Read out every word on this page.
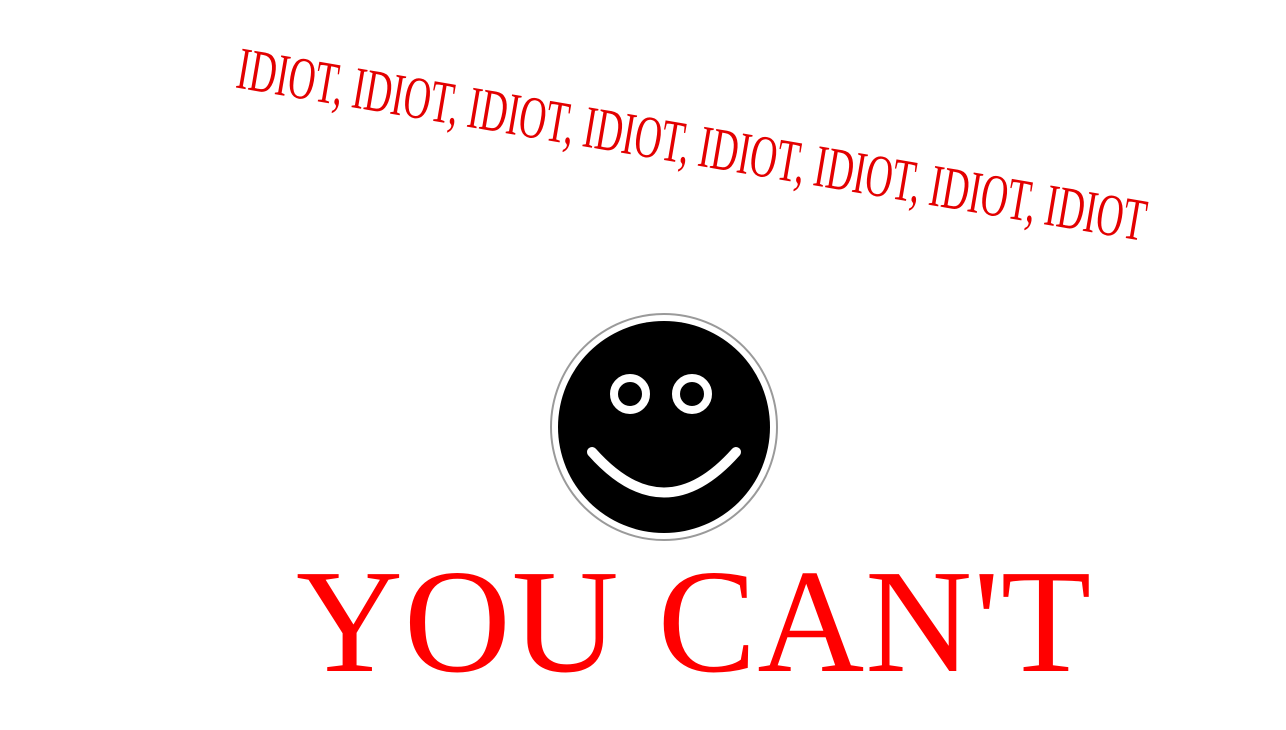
IDIOT, IDIOT, IDIOT, IDIOT, IDIOT, IDIOT, IDIOT, IDIOT
YOU CAN'T
